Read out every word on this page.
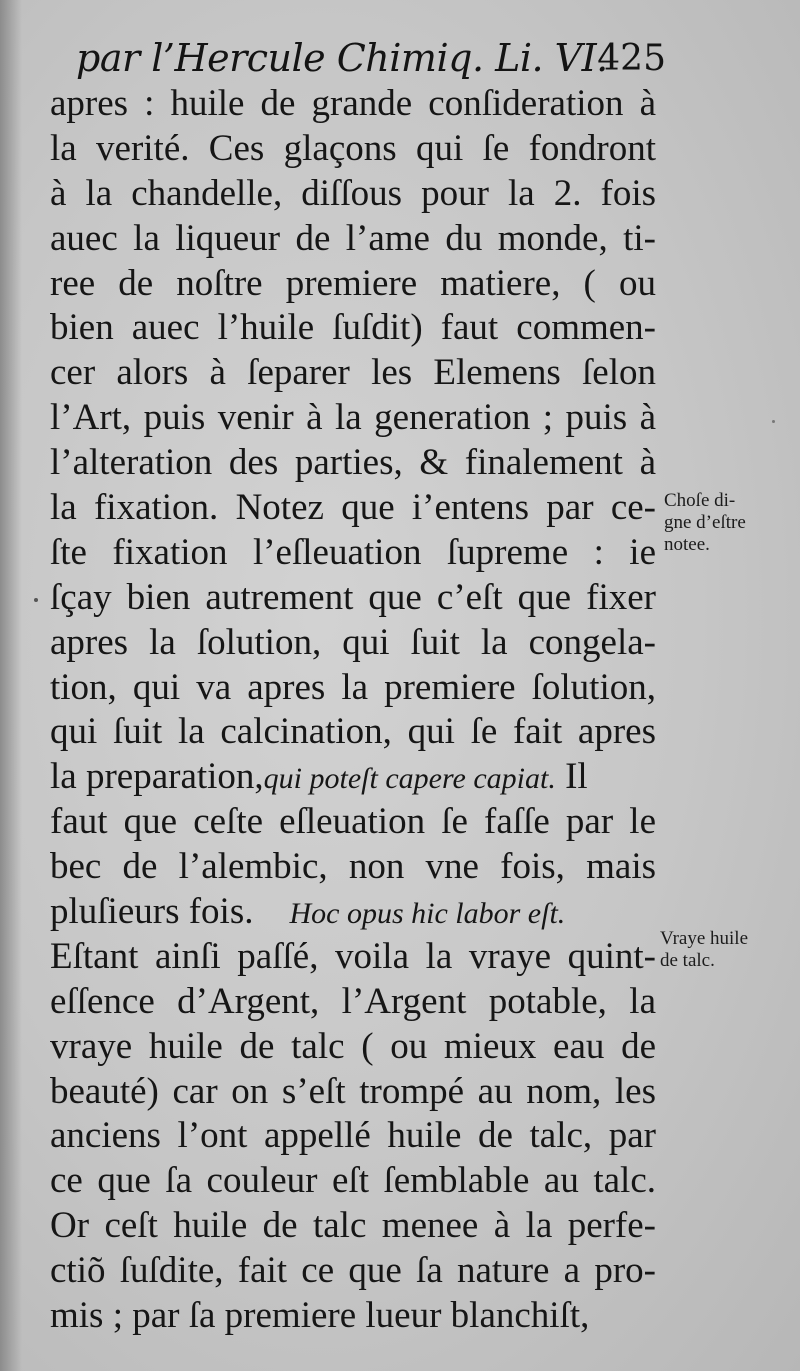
par l’Hercule Chimiq. Li. VI.
425
apres : huile de grande conſideration à
la verité. Ces glaçons qui ſe fondront
à la chandelle, diſſous pour la 2. fois
auec la liqueur de l’ame du monde, ti-
ree de noſtre premiere matiere, ( ou
bien auec l’huile ſuſdit) faut commen-
cer alors à ſeparer les Elemens ſelon
l’Art, puis venir à la generation ; puis à
l’alteration des parties, & finalement à
la fixation. Notez que i’entens par ce-
ſte fixation l’eſleuation ſupreme : ie
ſçay bien autrement que c’eſt que fixer
apres la ſolution, qui ſuit la congela-
tion, qui va apres la premiere ſolution,
qui ſuit la calcination, qui ſe fait apres
la preparation,qui poteſt capere capiat. Il
faut que ceſte eſleuation ſe faſſe par le
bec de l’alembic, non vne fois, mais
pluſieurs fois. Hoc opus hic labor eſt.
Eſtant ainſi paſſé, voila la vraye quint-
eſſence d’Argent, l’Argent potable, la
vraye huile de talc ( ou mieux eau de
beauté) car on s’eſt trompé au nom, les
anciens l’ont appellé huile de talc, par
ce que ſa couleur eſt ſemblable au talc.
Or ceſt huile de talc menee à la perfe-
ctiõ ſuſdite, fait ce que ſa nature a pro-
mis ; par ſa premiere lueur blanchiſt,
Choſe di-
gne d’eſtre
notee.
Vraye huile
de talc.
